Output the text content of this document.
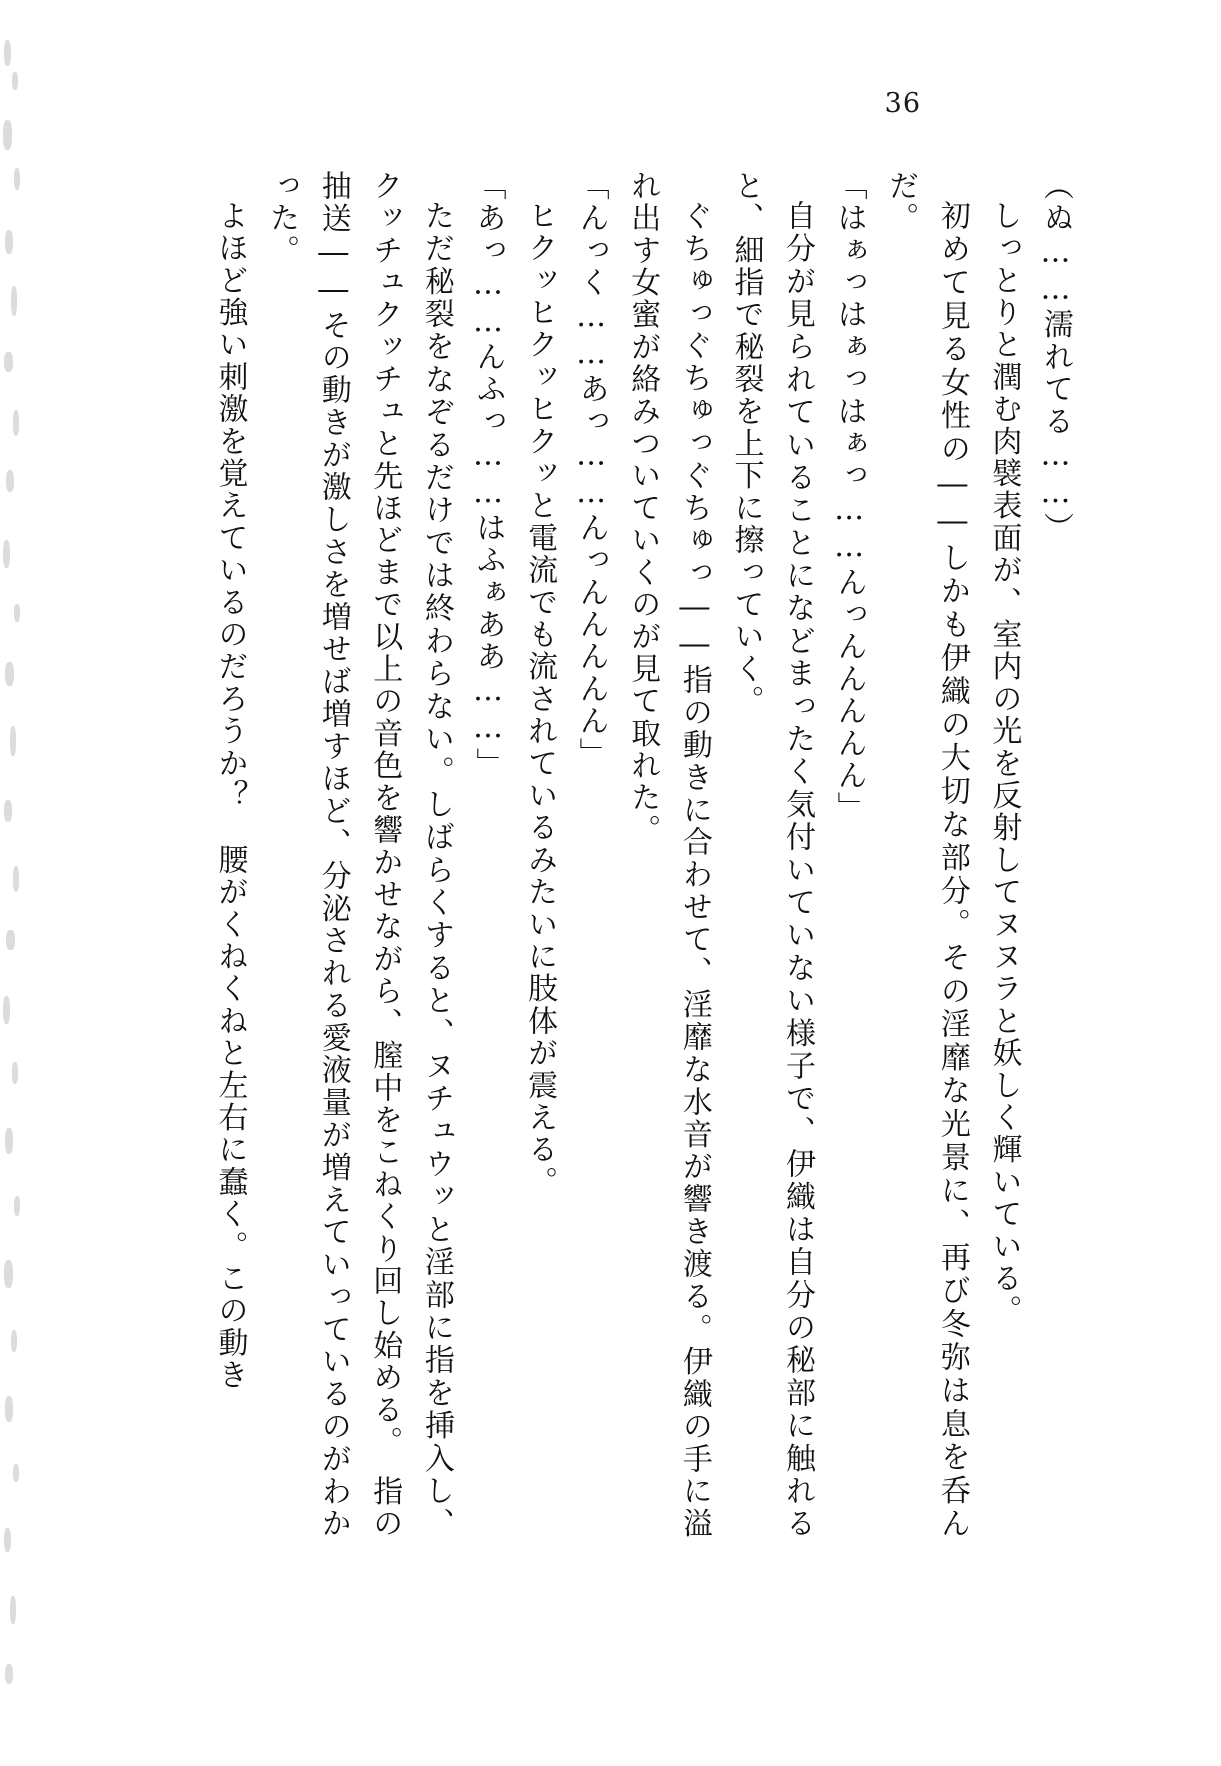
36

（ぬ……濡れてる……）

しっとりと潤む肉襞表面が、室内の光を反射してヌヌラと妖しく輝いている。

初めて見る女性の――しかも伊織の大切な部分。その淫靡な光景に、再び冬弥は息を呑んだ。

「はぁっはぁっはぁっ……んっんんんんん」

自分が見られていることになどまったく気付いていない様子で、伊織は自分の秘部に触れると、細指で秘裂を上下に擦っていく。

ぐちゅっぐちゅっぐちゅっ――指の動きに合わせて、淫靡な水音が響き渡る。伊織の手に溢れ出す女蜜が絡みついていくのが見て取れた。

「んっく……あっ……んっんんんんん」

ヒクッヒクッヒクッと電流でも流されているみたいに肢体が震える。

「あっ……んふっ……はふぁああ……」

ただ秘裂をなぞるだけでは終わらない。しばらくすると、ヌチュウッと淫部に指を挿入し、クッチュクッチュと先ほどまで以上の音色を響かせながら、膣中をこねくり回し始める。　指の抽送――その動きが激しさを増せば増すほど、分泌される愛液量が増えていっているのがわかった。

よほど強い刺激を覚えているのだろうか？　腰がくねくねと左右に蠢く。この動き
